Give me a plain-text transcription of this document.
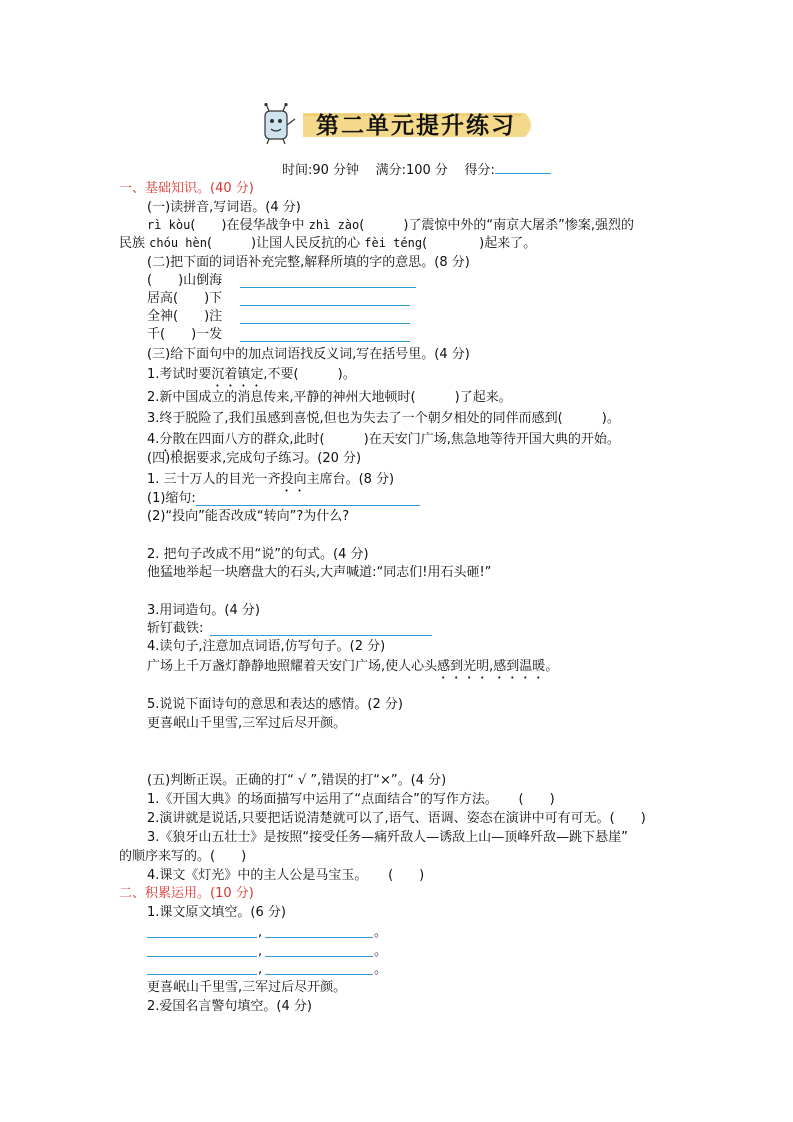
第二单元提升练习
时间:90 分钟 满分:100 分 得分:
一、基础知识。(40 分)
(一)读拼音,写词语。(4 分)
rì kòu(　　)在侵华战争中 zhì zào(　　　)了震惊中外的“南京大屠杀”惨案,强烈的
民族 chóu hèn(　　　)让国人民反抗的心 fèi téng(　　　　)起来了。
(二)把下面的词语补充完整,解释所填的字的意思。(8 分)
(　　 )山倒海
居高(　　 )下
全神(　　 )注
千(　　 )一发
(三)给下面句中的加点词语找反义词,写在括号里。(4 分)
1.考试时要沉着镇定,不要(　　　	)。
2.新中国成立的消息传来,平静的神州大地顿时(　　　	)了起来。
3.终于脱险了,我们虽感到喜悦,但也为失去了一个朝夕相处的同伴而感到(　　　	)。
4.分散在四面八方的群众,此时(　　　	)在天安门广场,焦急地等待开国大典的开始。
(四)根据要求,完成句子练习。(20 分)
1. 三十万人的目光一齐投向主席台。(8 分)
(1)缩句:
(2)“投向”能否改成“转向”?为什么?
2. 把句子改成不用“说”的句式。(4 分)
他猛地举起一块磨盘大的石头,大声喊道:“同志们!用石头砸!”
3.用词造句。(4 分)
斩钉截铁:
4.读句子,注意加点词语,仿写句子。(2 分)
广场上千万盏灯静静地照耀着天安门广场,使人心头感到光明,感到温暖。
5.说说下面诗句的意思和表达的感情。(2 分)
更喜岷山千里雪,三军过后尽开颜。
(五)判断正误。正确的打“ √ ”,错误的打“×”。(4 分)
1.《开国大典》的场面描写中运用了“点面结合”的写作方法。 (　　)
2.演讲就是说话,只要把话说清楚就可以了,语气、语调、姿态在演讲中可有可无。(　　)
3.《狼牙山五壮士》是按照“接受任务—痛歼敌人—诱敌上山—顶峰歼敌—跳下悬崖”
的顺序来写的。(　　)
4.课文《灯光》中的主人公是马宝玉。 (　　)
二、积累运用。(10 分)
1.课文原文填空。(6 分)
,	。
,	。
,	。
更喜岷山千里雪,三军过后尽开颜。
2.爱国名言警句填空。(4 分)
